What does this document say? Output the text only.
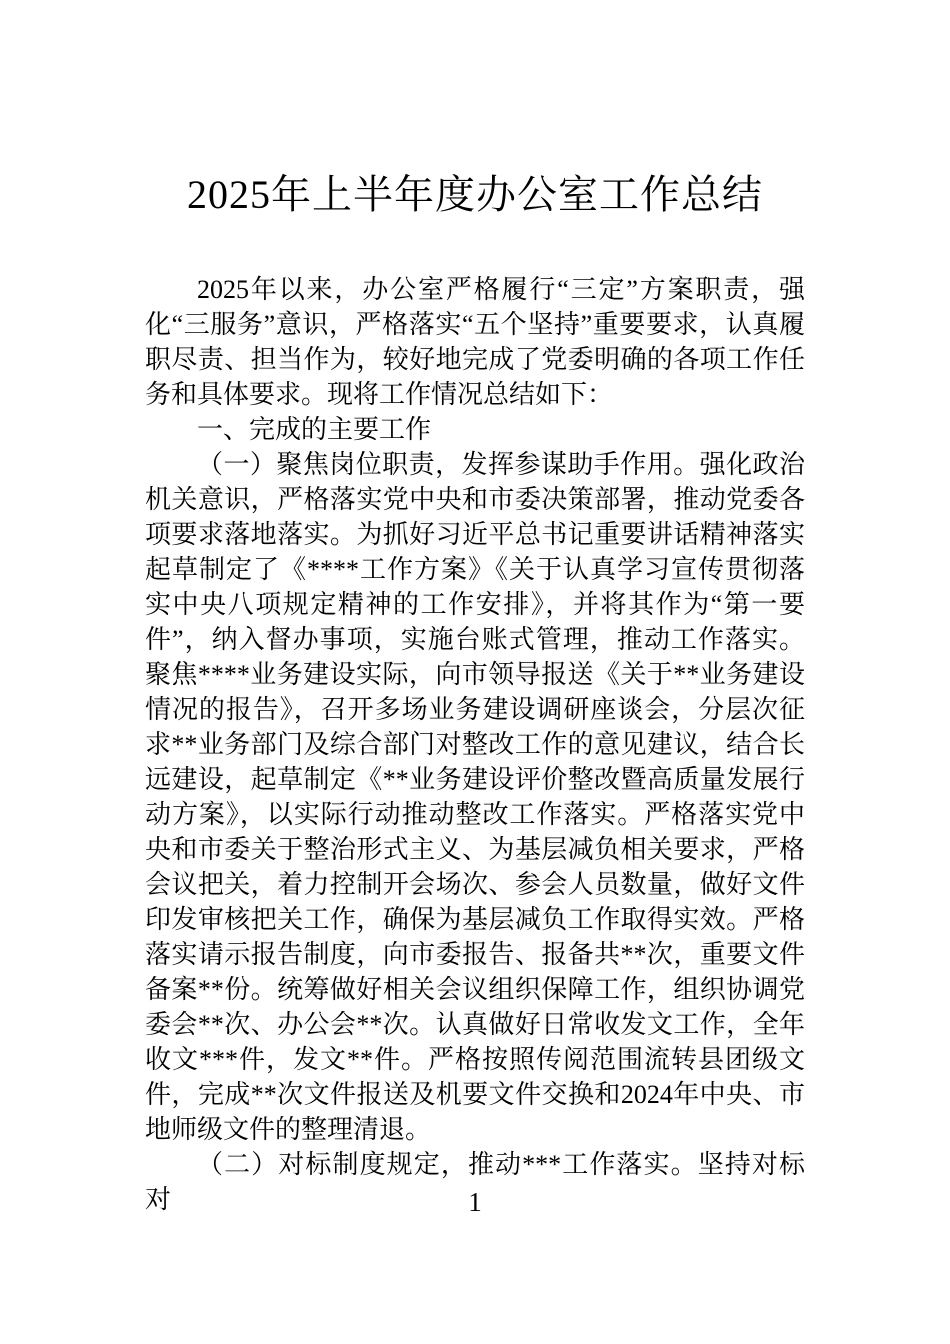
2025年上半年度办公室工作总结

2025年以来，办公室严格履行“三定”方案职责，强化“三服务”意识，严格落实“五个坚持”重要要求，认真履职尽责、担当作为，较好地完成了党委明确的各项工作任务和具体要求。现将工作情况总结如下：

一、完成的主要工作

（一）聚焦岗位职责，发挥参谋助手作用。强化政治机关意识，严格落实党中央和市委决策部署，推动党委各项要求落地落实。为抓好习近平总书记重要讲话精神落实起草制定了《****工作方案》《关于认真学习宣传贯彻落实中央八项规定精神的工作安排》，并将其作为“第一要件”，纳入督办事项，实施台账式管理，推动工作落实。聚焦****业务建设实际，向市领导报送《关于**业务建设情况的报告》，召开多场业务建设调研座谈会，分层次征求**业务部门及综合部门对整改工作的意见建议，结合长远建设，起草制定《**业务建设评价整改暨高质量发展行动方案》，以实际行动推动整改工作落实。严格落实党中央和市委关于整治形式主义、为基层减负相关要求，严格会议把关，着力控制开会场次、参会人员数量，做好文件印发审核把关工作，确保为基层减负工作取得实效。严格落实请示报告制度，向市委报告、报备共**次，重要文件备案**份。统筹做好相关会议组织保障工作，组织协调党委会**次、办公会**次。认真做好日常收发文工作，全年收文***件，发文**件。严格按照传阅范围流转县团级文件，完成**次文件报送及机要文件交换和2024年中央、市地师级文件的整理清退。

（二）对标制度规定，推动***工作落实。坚持对标对	1
